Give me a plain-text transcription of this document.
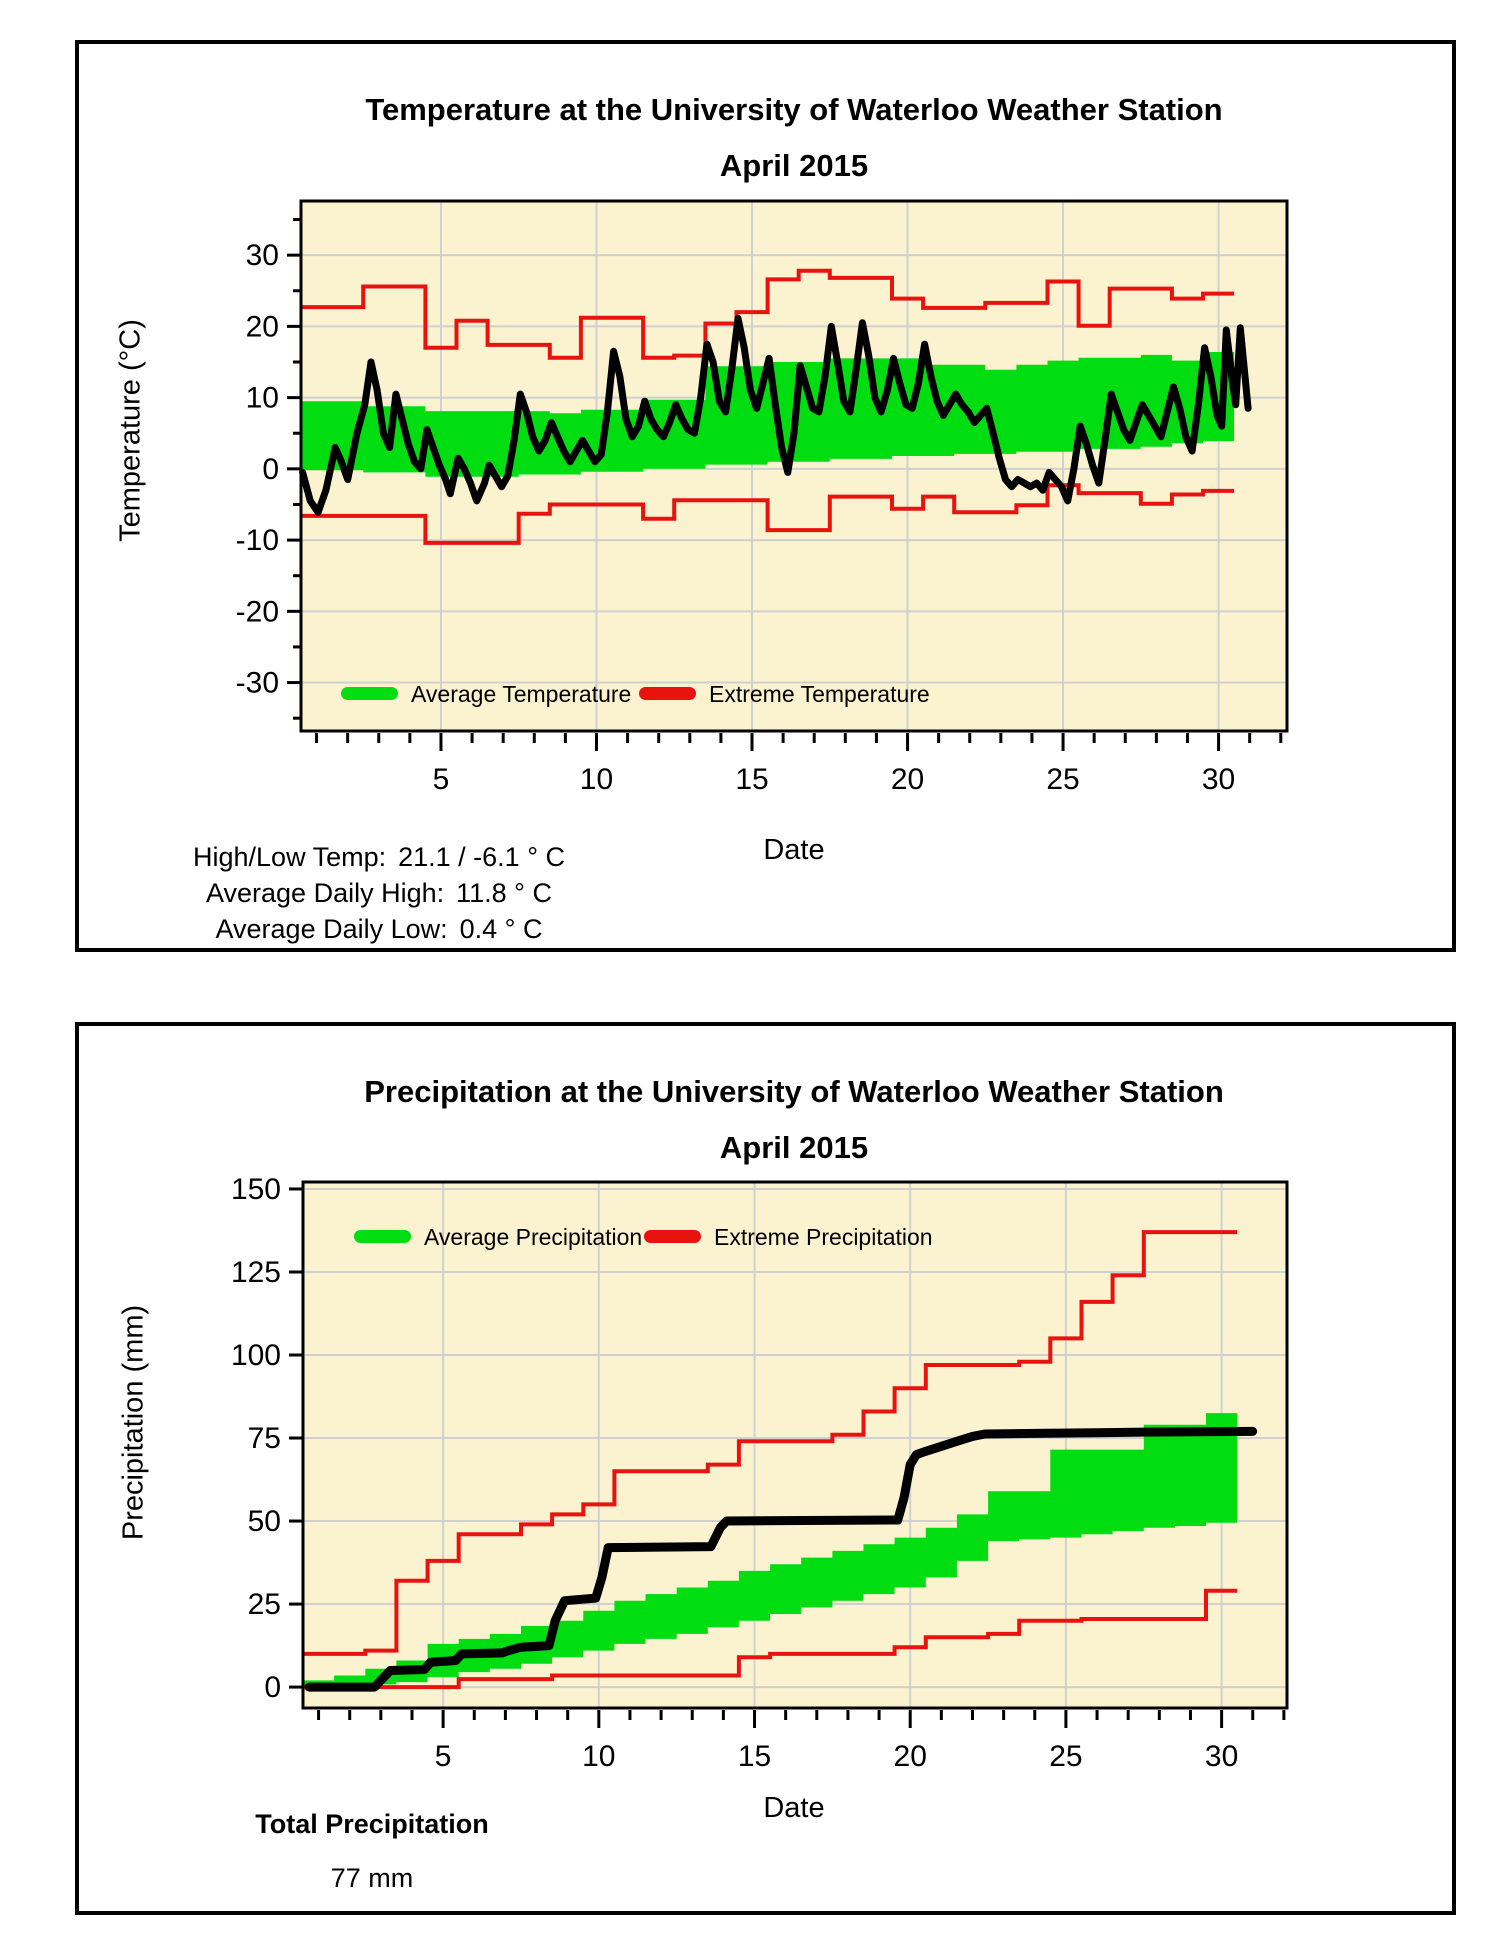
Temperature at the University of Waterloo Weather Station
April 2015
Average Temperature	Extreme Temperature
5	10	15	20	25	30
30
20
10
0
-10
-20
-30
Temperature (°C)
Date
High/Low Temp: 21.1 / -6.1 ° C
Average Daily High: 11.8 ° C
Average Daily Low: 0.4 ° C
Precipitation at the University of Waterloo Weather Station
April 2015
Average Precipitation	Extreme Precipitation
5	10	15	20	25	30
150
125
100
75
50
25
0
Precipitation (mm)
Date
Total Precipitation
77 mm
